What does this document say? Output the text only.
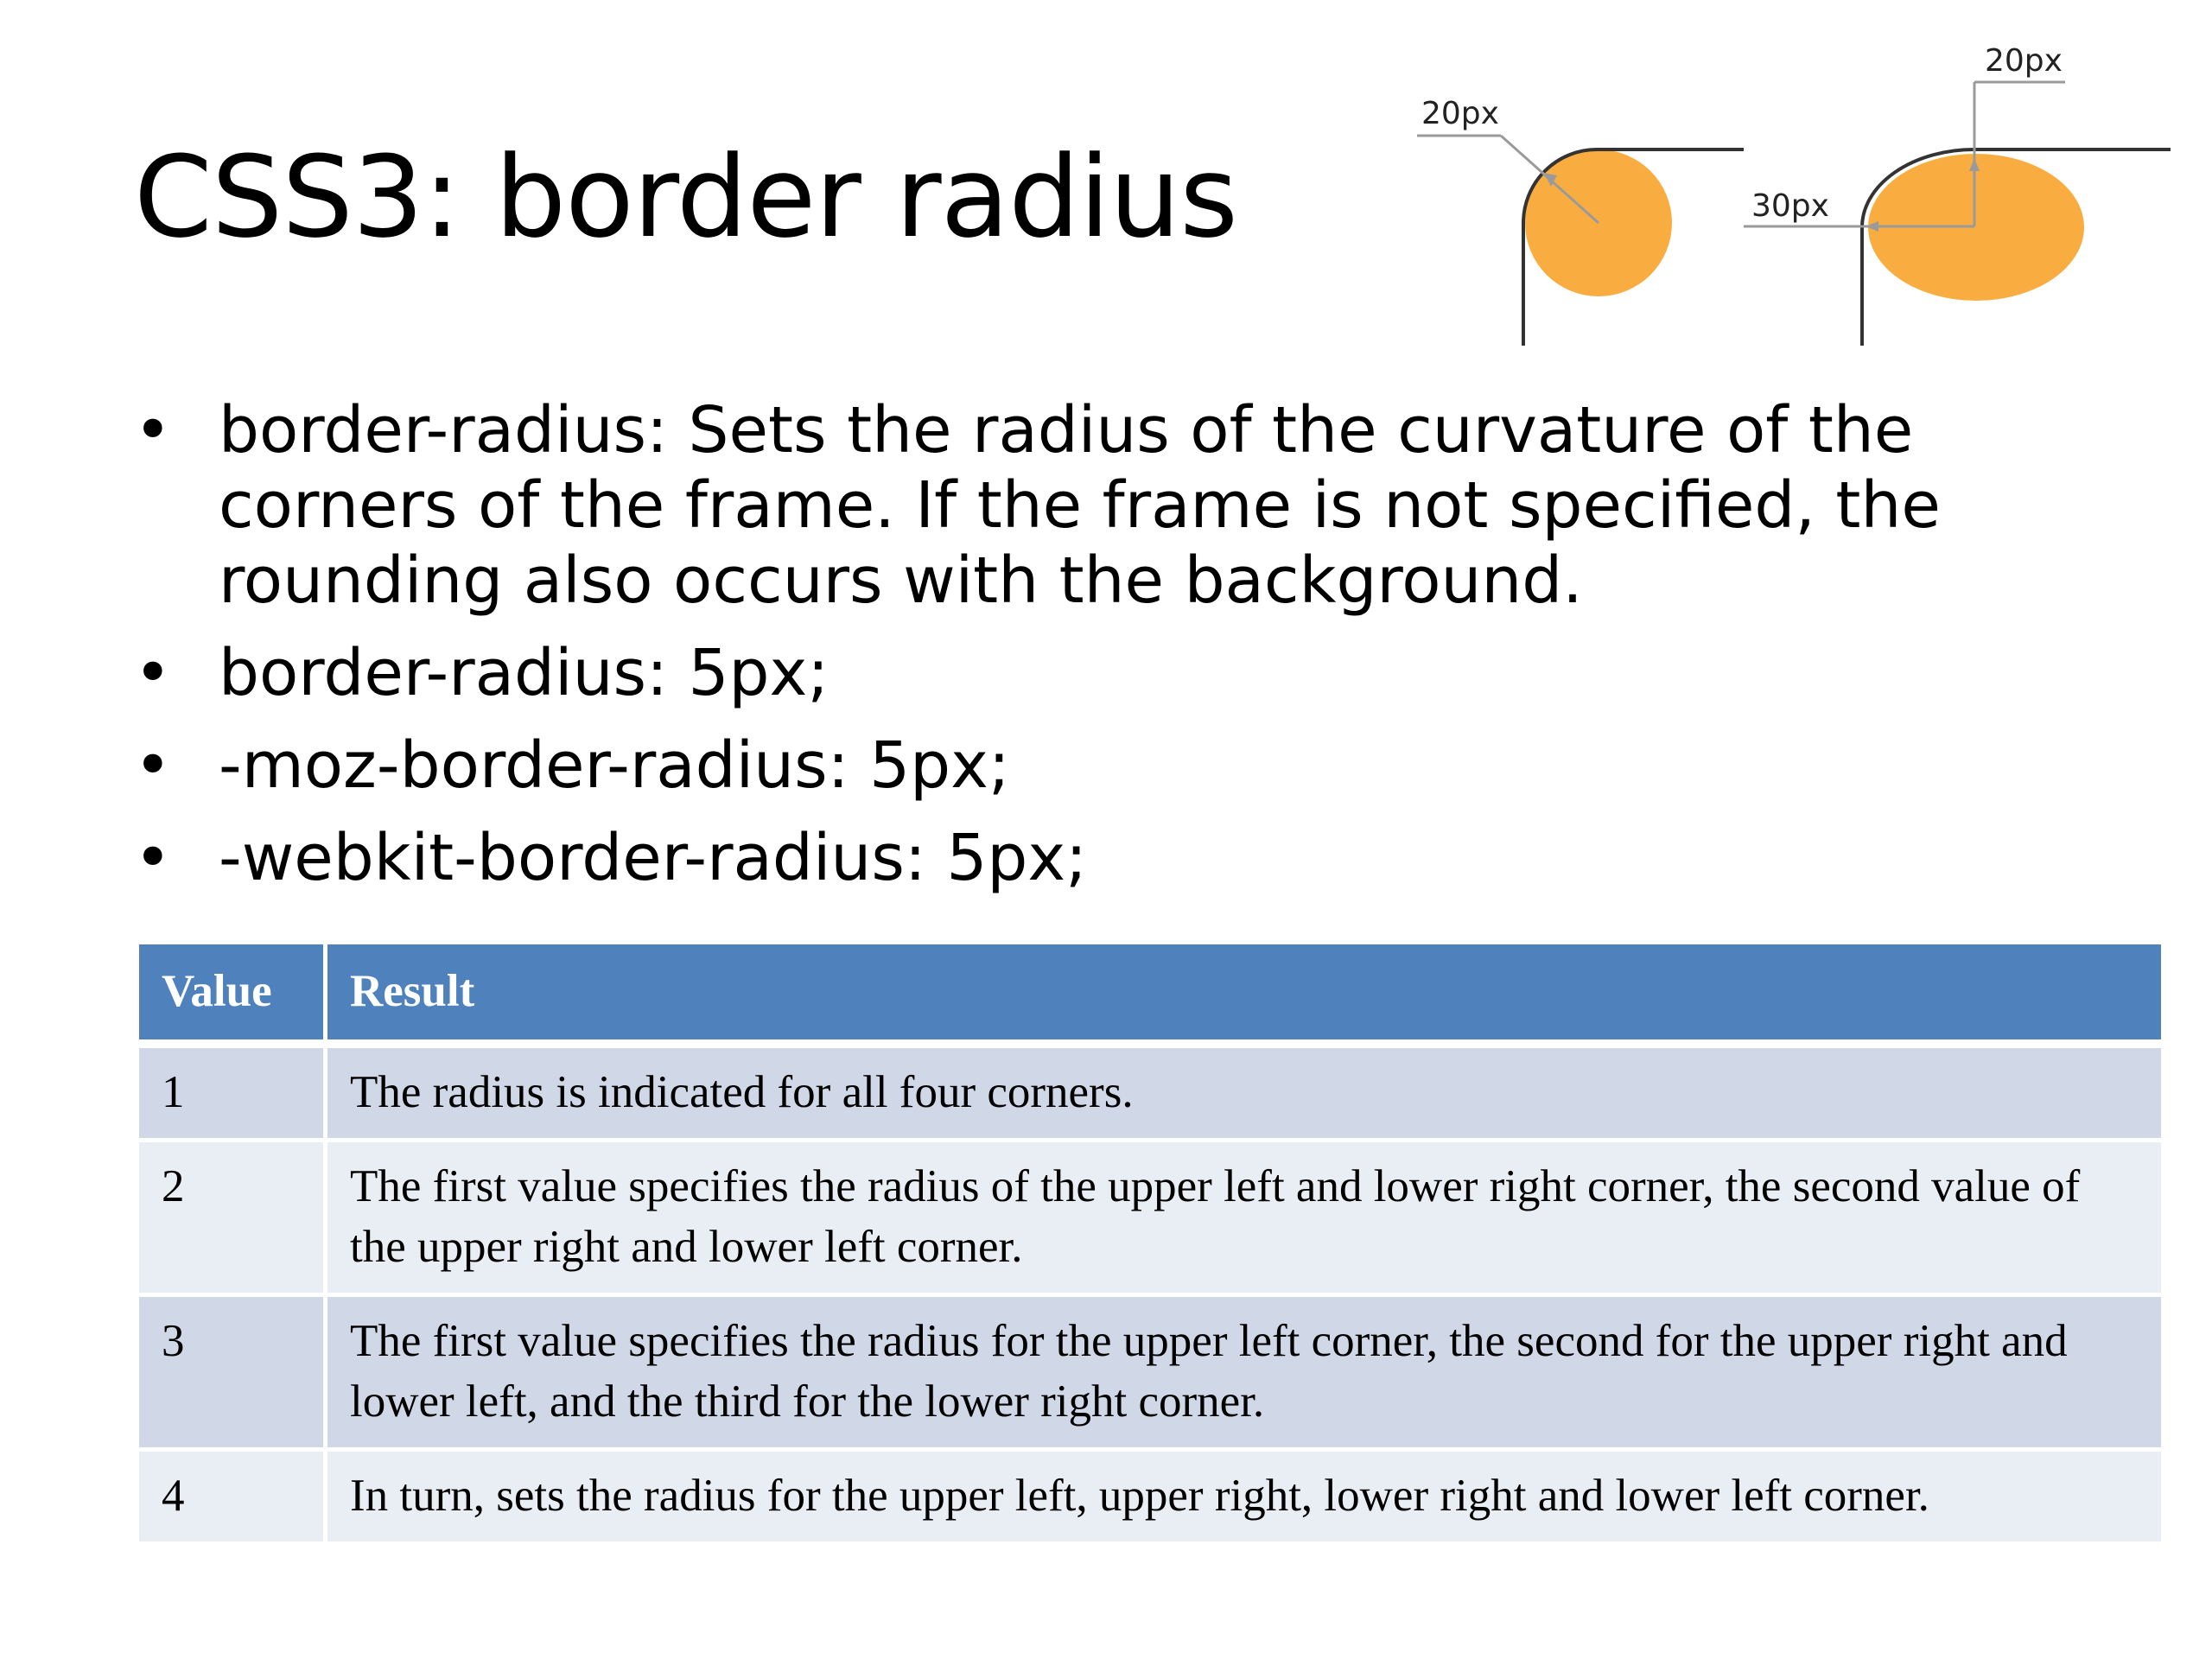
CSS3: border radius
20px
20px
30px
• border-radius: Sets the radius of the curvature of the corners of the frame. If the frame is not specified, the rounding also occurs with the background.
• border-radius: 5px;
• -moz-border-radius: 5px;
• -webkit-border-radius: 5px;
Value	Result
1	The radius is indicated for all four corners.
2	The first value specifies the radius of the upper left and lower right corner, the second value of the upper right and lower left corner.
3	The first value specifies the radius for the upper left corner, the second for the upper right and lower left, and the third for the lower right corner.
4	In turn, sets the radius for the upper left, upper right, lower right and lower left corner.
